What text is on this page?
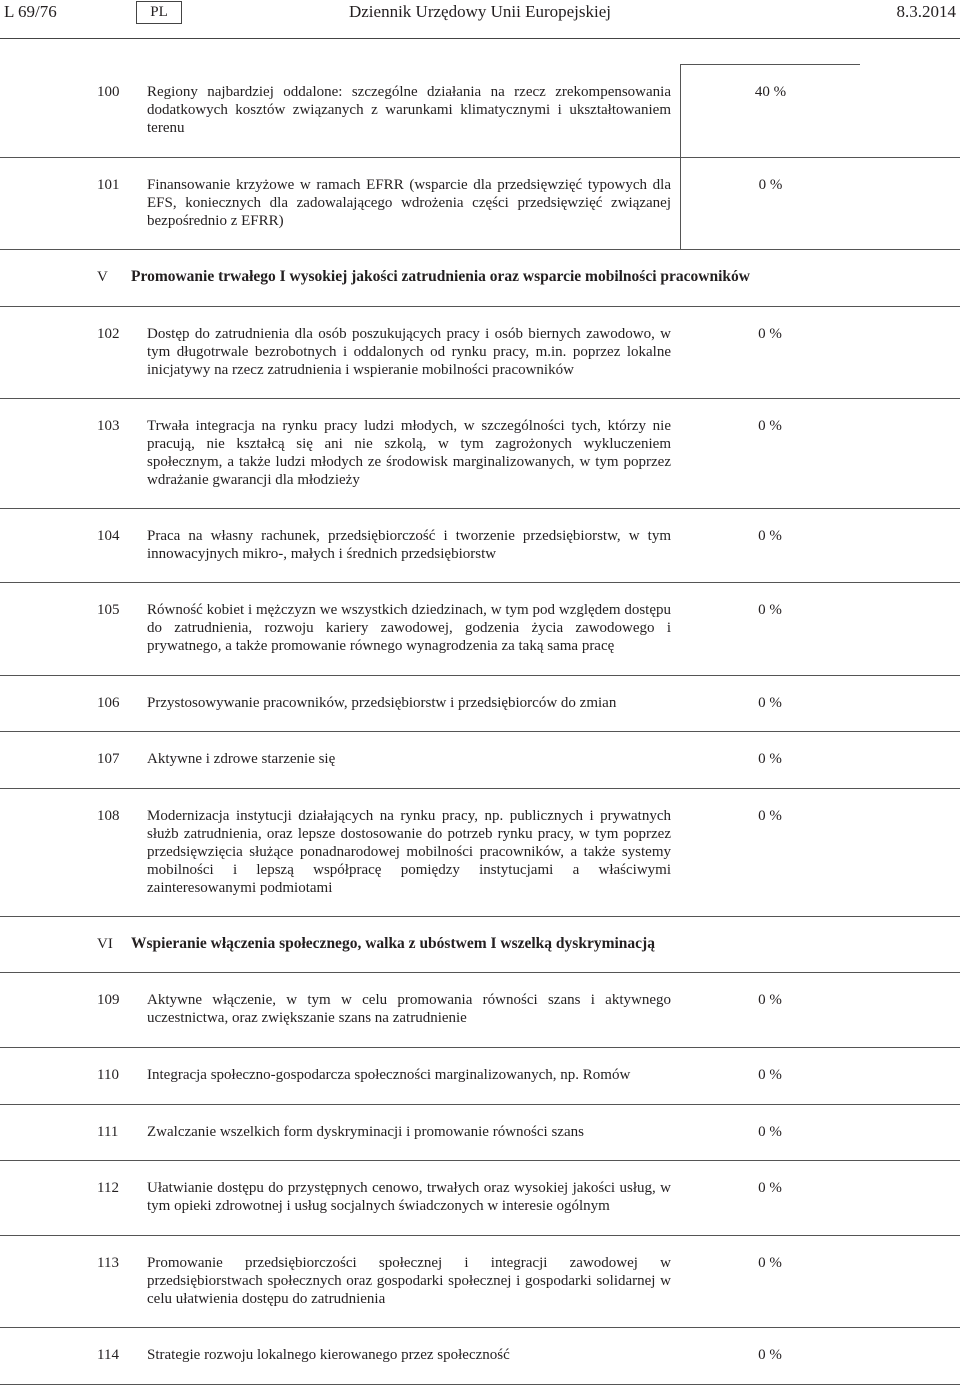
L 69/76	PL	Dziennik Urzędowy Unii Europejskiej	8.3.2014
100 Regiony najbardziej oddalone: szczególne działania na rzecz zrekompensowania dodatkowych kosztów związanych z warunkami klimatycznymi i ukształtowaniem terenu
40 %
101 Finansowanie krzyżowe w ramach EFRR (wsparcie dla przedsięwzięć typowych dla EFS, koniecznych dla zadowalającego wdrożenia części przedsięwzięć związanej bezpośrednio z EFRR)
0 %
V Promowanie trwałego I wysokiej jakości zatrudnienia oraz wsparcie mobilności pracowników
102 Dostęp do zatrudnienia dla osób poszukujących pracy i osób biernych zawodowo, w tym długotrwale bezrobotnych i oddalonych od rynku pracy, m.in. poprzez lokalne inicjatywy na rzecz zatrudnienia i wspieranie mobilności pracowników
0 %
103 Trwała integracja na rynku pracy ludzi młodych, w szczególności tych, którzy nie pracują, nie kształcą się ani nie szkolą, w tym zagrożonych wykluczeniem społecznym, a także ludzi młodych ze środowisk marginalizowanych, w tym poprzez wdrażanie gwarancji dla młodzieży
0 %
104 Praca na własny rachunek, przedsiębiorczość i tworzenie przedsiębiorstw, w tym innowacyjnych mikro-, małych i średnich przedsiębiorstw
0 %
105 Równość kobiet i mężczyzn we wszystkich dziedzinach, w tym pod względem dostępu do zatrudnienia, rozwoju kariery zawodowej, godzenia życia zawodowego i prywatnego, a także promowanie równego wynagrodzenia za taką sama pracę
0 %
106 Przystosowywanie pracowników, przedsiębiorstw i przedsiębiorców do zmian	0 %
107 Aktywne i zdrowe starzenie się	0 %
108 Modernizacja instytucji działających na rynku pracy, np. publicznych i prywatnych służb zatrudnienia, oraz lepsze dostosowanie do potrzeb rynku pracy, w tym poprzez przedsięwzięcia służące ponadnarodowej mobilności pracowników, a także systemy mobilności i lepszą współpracę pomiędzy instytucjami a właściwymi zainteresowanymi podmiotami
0 %
VI Wspieranie włączenia społecznego, walka z ubóstwem I wszelką dyskryminacją
109 Aktywne włączenie, w tym w celu promowania równości szans i aktywnego uczestnictwa, oraz zwiększanie szans na zatrudnienie
0 %
110 Integracja społeczno-gospodarcza społeczności marginalizowanych, np. Romów	0 %
111 Zwalczanie wszelkich form dyskryminacji i promowanie równości szans	0 %
112 Ułatwianie dostępu do przystępnych cenowo, trwałych oraz wysokiej jakości usług, w tym opieki zdrowotnej i usług socjalnych świadczonych w interesie ogólnym
0 %
113 Promowanie przedsiębiorczości społecznej i integracji zawodowej w przedsiębiorstwach społecznych oraz gospodarki społecznej i gospodarki solidarnej w celu ułatwienia dostępu do zatrudnienia
0 %
114 Strategie rozwoju lokalnego kierowanego przez społeczność	0 %
